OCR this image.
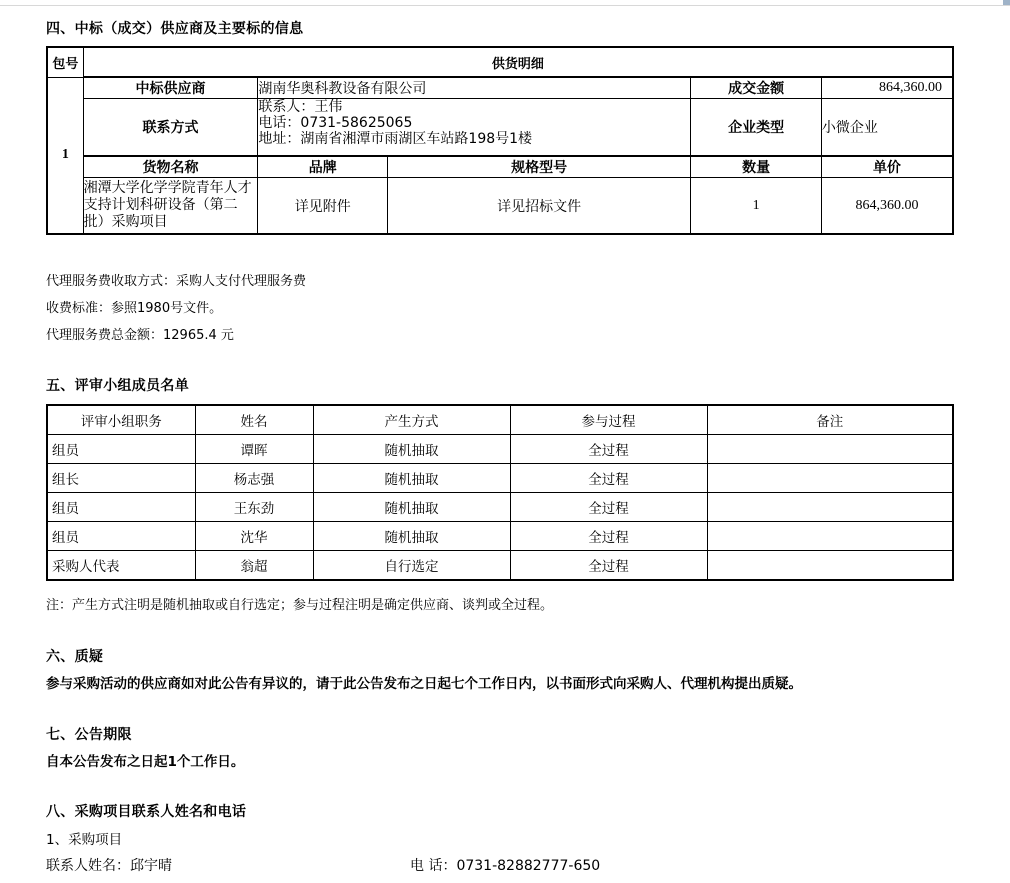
四、中标（成交）供应商及主要标的信息
包号	供货明细				
1	中标供应商	湖南华奥科教设备有限公司		成交金额	864,360.00
	联系方式	联系人：王伟
电话：0731-58625065
地址：湖南省湘潭市雨湖区车站路198号1楼		企业类型	小微企业
	货物名称	品牌	规格型号	数量	单价
	湘潭大学化学学院青年人才支持计划科研设备（第二批）采购项目	详见附件	详见招标文件	1	864,360.00
代理服务费收取方式：采购人支付代理服务费
收费标准：参照1980号文件。
代理服务费总金额：12965.4 元
五、评审小组成员名单
评审小组职务	姓名	产生方式	参与过程	备注
组员	谭晖	随机抽取	全过程	
组长	杨志强	随机抽取	全过程	
组员	王东劲	随机抽取	全过程	
组员	沈华	随机抽取	全过程	
采购人代表	翁超	自行选定	全过程	
注：产生方式注明是随机抽取或自行选定；参与过程注明是确定供应商、谈判或全过程。
六、质疑
参与采购活动的供应商如对此公告有异议的，请于此公告发布之日起七个工作日内，以书面形式向采购人、代理机构提出质疑。
七、公告期限
自本公告发布之日起1个工作日。
八、采购项目联系人姓名和电话
1、采购项目
联系人姓名：邱宇晴	电 话：0731-82882777-650
